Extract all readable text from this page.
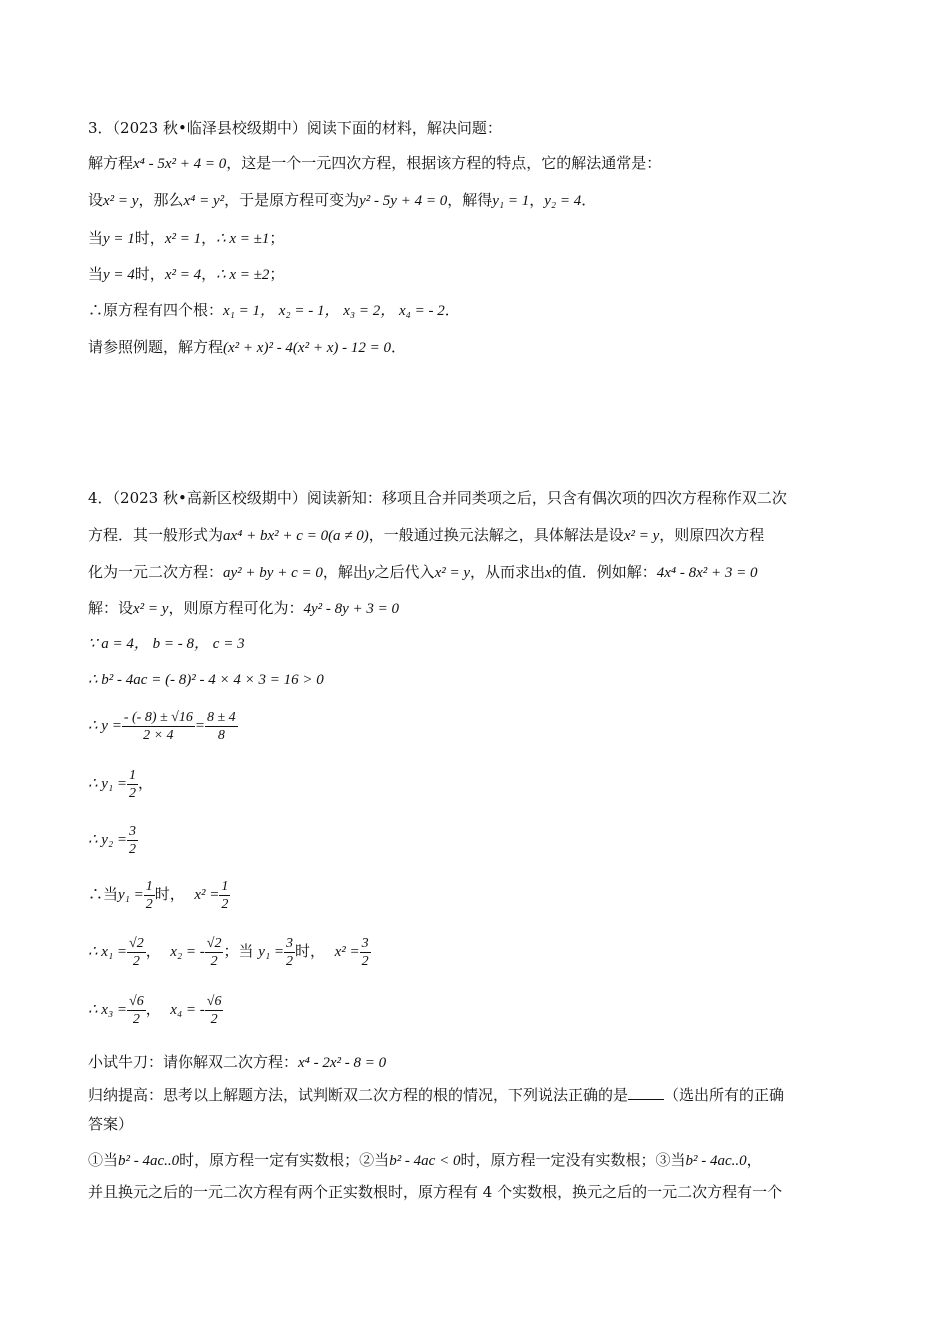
3．（2023 秋•临泽县校级期中）阅读下面的材料，解决问题：
解方程x⁴ - 5x² + 4 = 0，这是一个一元四次方程，根据该方程的特点，它的解法通常是：
设x² = y，那么x⁴ = y²，于是原方程可变为y² - 5y + 4 = 0，解得y₁ = 1，y₂ = 4．
当y = 1时，x² = 1，∴ x = ±1；
当y = 4时，x² = 4，∴ x = ±2；
∴原方程有四个根：x₁ = 1， x₂ = - 1， x₃ = 2， x₄ = - 2．
请参照例题，解方程(x² + x)² - 4(x² + x) - 12 = 0．
4．（2023 秋•高新区校级期中）阅读新知：移项且合并同类项之后，只含有偶次项的四次方程称作双二次
方程．其一般形式为ax⁴ + bx² + c = 0(a ≠ 0)，一般通过换元法解之，具体解法是设x² = y，则原四次方程
化为一元二次方程：ay² + by + c = 0，解出y之后代入x² = y，从而求出x的值．例如解：4x⁴ - 8x² + 3 = 0
解：设x² = y，则原方程可化为：4y² - 8y + 3 = 0
∵ a = 4， b = - 8， c = 3
∴ b² - 4ac = (- 8)² - 4 × 4 × 3 = 16 > 0
∴ $y = \frac{- (- 8) \pm √16}{2 \times 4} = \frac{8 \pm 4}{8}$
∴ $y_1 = \frac{1}{2}$ ，
∴ $y_2 = \frac{3}{2}$
∴当$y_1 = \frac{1}{2}$ 时， $x^2 = \frac{1}{2}$
∴ $x_1 = \frac{√2}{2}$ ， x₂ = - $\frac{√2}{2}$ ；当 $y_1 = \frac{3}{2}$ 时， $x^2 = \frac{3}{2}$
∴ $x_3 = \frac{√6}{2}$ ， x₄ = - $\frac{√6}{2}$
小试牛刀：请你解双二次方程：x⁴ - 2x² - 8 = 0
归纳提高：思考以上解题方法，试判断双二次方程的根的情况，下列说法正确的是 （选出所有的正确
答案）
①当b² - 4ac..0时，原方程一定有实数根；②当b² - 4ac < 0时，原方程一定没有实数根；③当b² - 4ac..0，
并且换元之后的一元二次方程有两个正实数根时，原方程有 4 个实数根，换元之后的一元二次方程有一个
